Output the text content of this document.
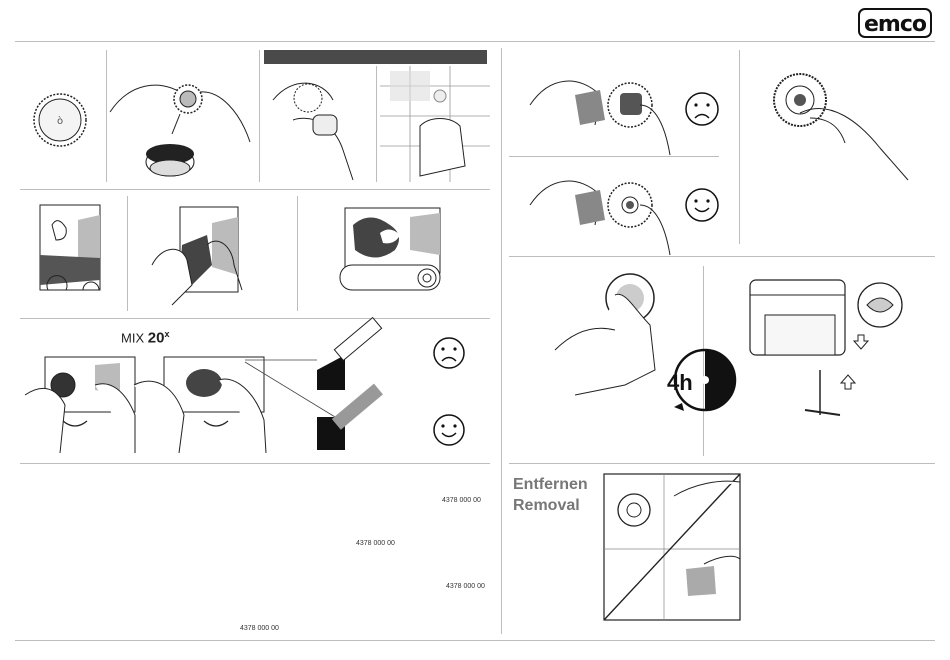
emco
ò
MIX 20$^x$
4378 000 00
4378 000 00
4378 000 00
4378 000 00
4h
Entfernen
Removal
